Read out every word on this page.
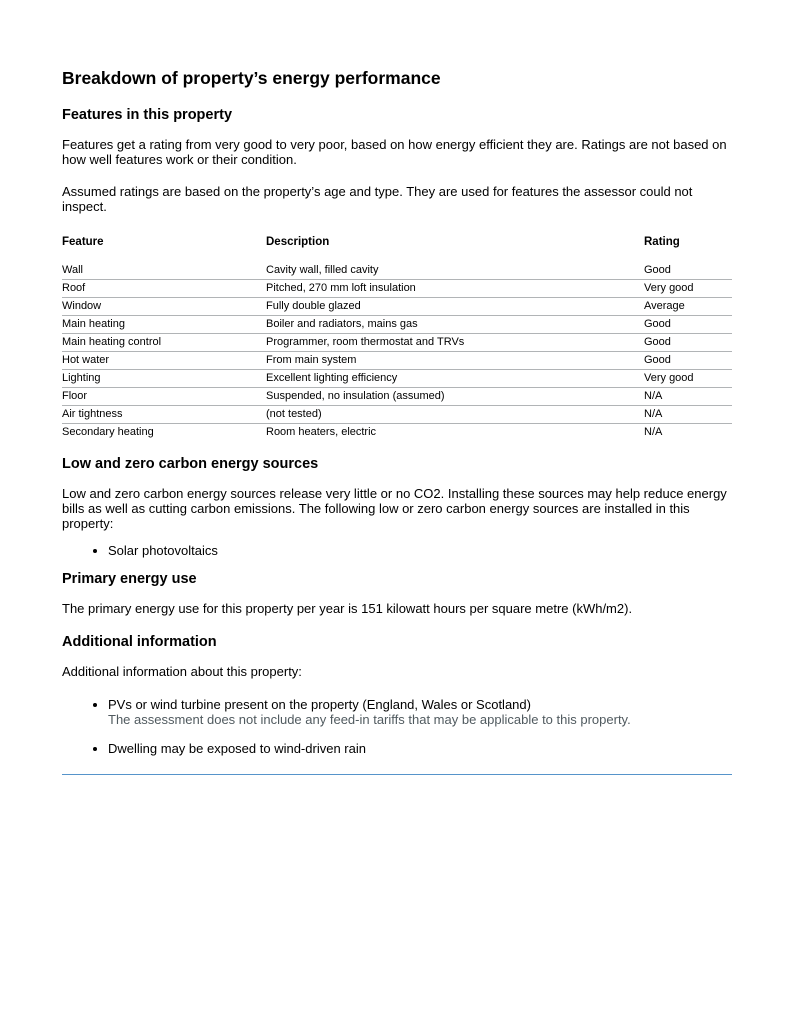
Breakdown of property’s energy performance
Features in this property

Features get a rating from very good to very poor, based on how energy efficient they are. Ratings are not based on how well features work or their condition.

Assumed ratings are based on the property’s age and type. They are used for features the assessor could not inspect.

Feature	Description	Rating
Wall	Cavity wall, filled cavity	Good
Roof	Pitched, 270 mm loft insulation	Very good
Window	Fully double glazed	Average
Main heating	Boiler and radiators, mains gas	Good
Main heating control	Programmer, room thermostat and TRVs	Good
Hot water	From main system	Good
Lighting	Excellent lighting efficiency	Very good
Floor	Suspended, no insulation (assumed)	N/A
Air tightness	(not tested)	N/A
Secondary heating	Room heaters, electric	N/A
Low and zero carbon energy sources

Low and zero carbon energy sources release very little or no CO2. Installing these sources may help reduce energy bills as well as cutting carbon emissions. The following low or zero carbon energy sources are installed in this property:

• Solar photovoltaics
Primary energy use

The primary energy use for this property per year is 151 kilowatt hours per square metre (kWh/m2).

Additional information

Additional information about this property:

• PVs or wind turbine present on the property (England, Wales or Scotland)
The assessment does not include any feed-in tariffs that may be applicable to this property.
• Dwelling may be exposed to wind-driven rain
